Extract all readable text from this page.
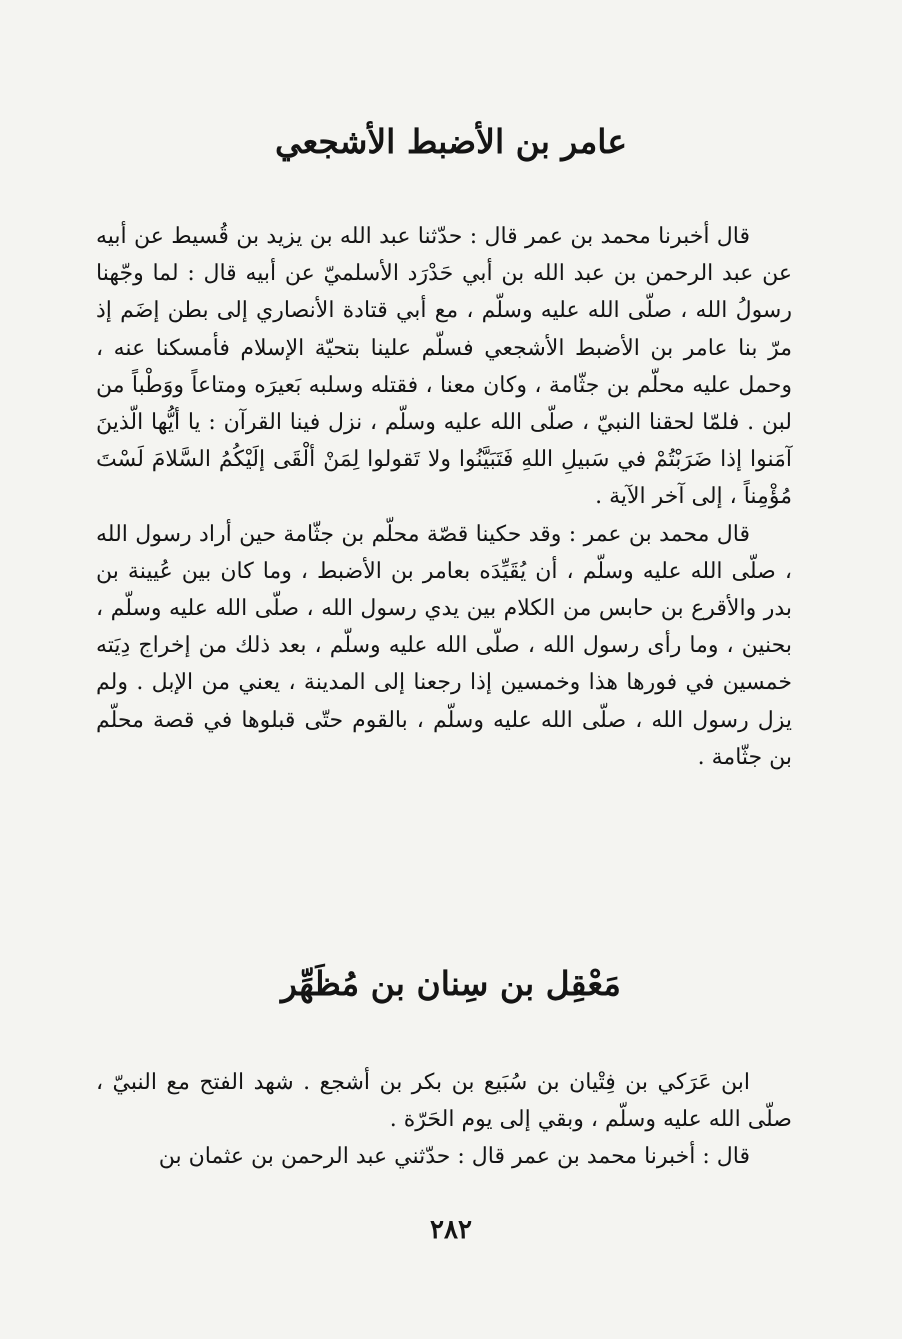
عامر بن الأضبط الأشجعي

قال أخبرنا محمد بن عمر قال : حدّثنا عبد الله بن يزيد بن قُسيط عن أبيه عن عبد الرحمن بن عبد الله بن أبي حَدْرَد الأسلميّ عن أبيه قال : لما وجّهنا رسولُ الله ، صلّى الله عليه وسلّم ، مع أبي قتادة الأنصاري إلى بطن إضَم إذ مرّ بنا عامر بن الأضبط الأشجعي فسلّم علينا بتحيّة الإسلام فأمسكنا عنه ، وحمل عليه محلّم بن جثّامة ، وكان معنا ، فقتله وسلبه بَعيرَه ومتاعاً ووَطْباً من لبن . فلمّا لحقنا النبيّ ، صلّى الله عليه وسلّم ، نزل فينا القرآن : يا أيُّها الّذينَ آمَنوا إذا ضَرَبْتُمْ في سَبيلِ اللهِ فَتَبَيَّنُوا ولا تَقولوا لِمَنْ ألْقَى إلَيْكُمُ السَّلامَ لَسْتَ مُؤْمِناً ، إلى آخر الآية .

قال محمد بن عمر : وقد حكينا قصّة محلّم بن جثّامة حين أراد رسول الله ، صلّى الله عليه وسلّم ، أن يُقَيِّدَه بعامر بن الأضبط ، وما كان بين عُيينة بن بدر والأقرع بن حابس من الكلام بين يدي رسول الله ، صلّى الله عليه وسلّم ، بحنين ، وما رأى رسول الله ، صلّى الله عليه وسلّم ، بعد ذلك من إخراج دِيَته خمسين في فورها هذا وخمسين إذا رجعنا إلى المدينة ، يعني من الإبل . ولم يزل رسول الله ، صلّى الله عليه وسلّم ، بالقوم حتّى قبلوها في قصة محلّم بن جثّامة .

مَعْقِل بن سِنان بن مُظَهِّر

ابن عَرَكي بن فِتْيان بن سُبَيع بن بكر بن أشجع . شهد الفتح مع النبيّ ، صلّى الله عليه وسلّم ، وبقي إلى يوم الحَرّة .

قال : أخبرنا محمد بن عمر قال : حدّثني عبد الرحمن بن عثمان بن

٢٨٢
